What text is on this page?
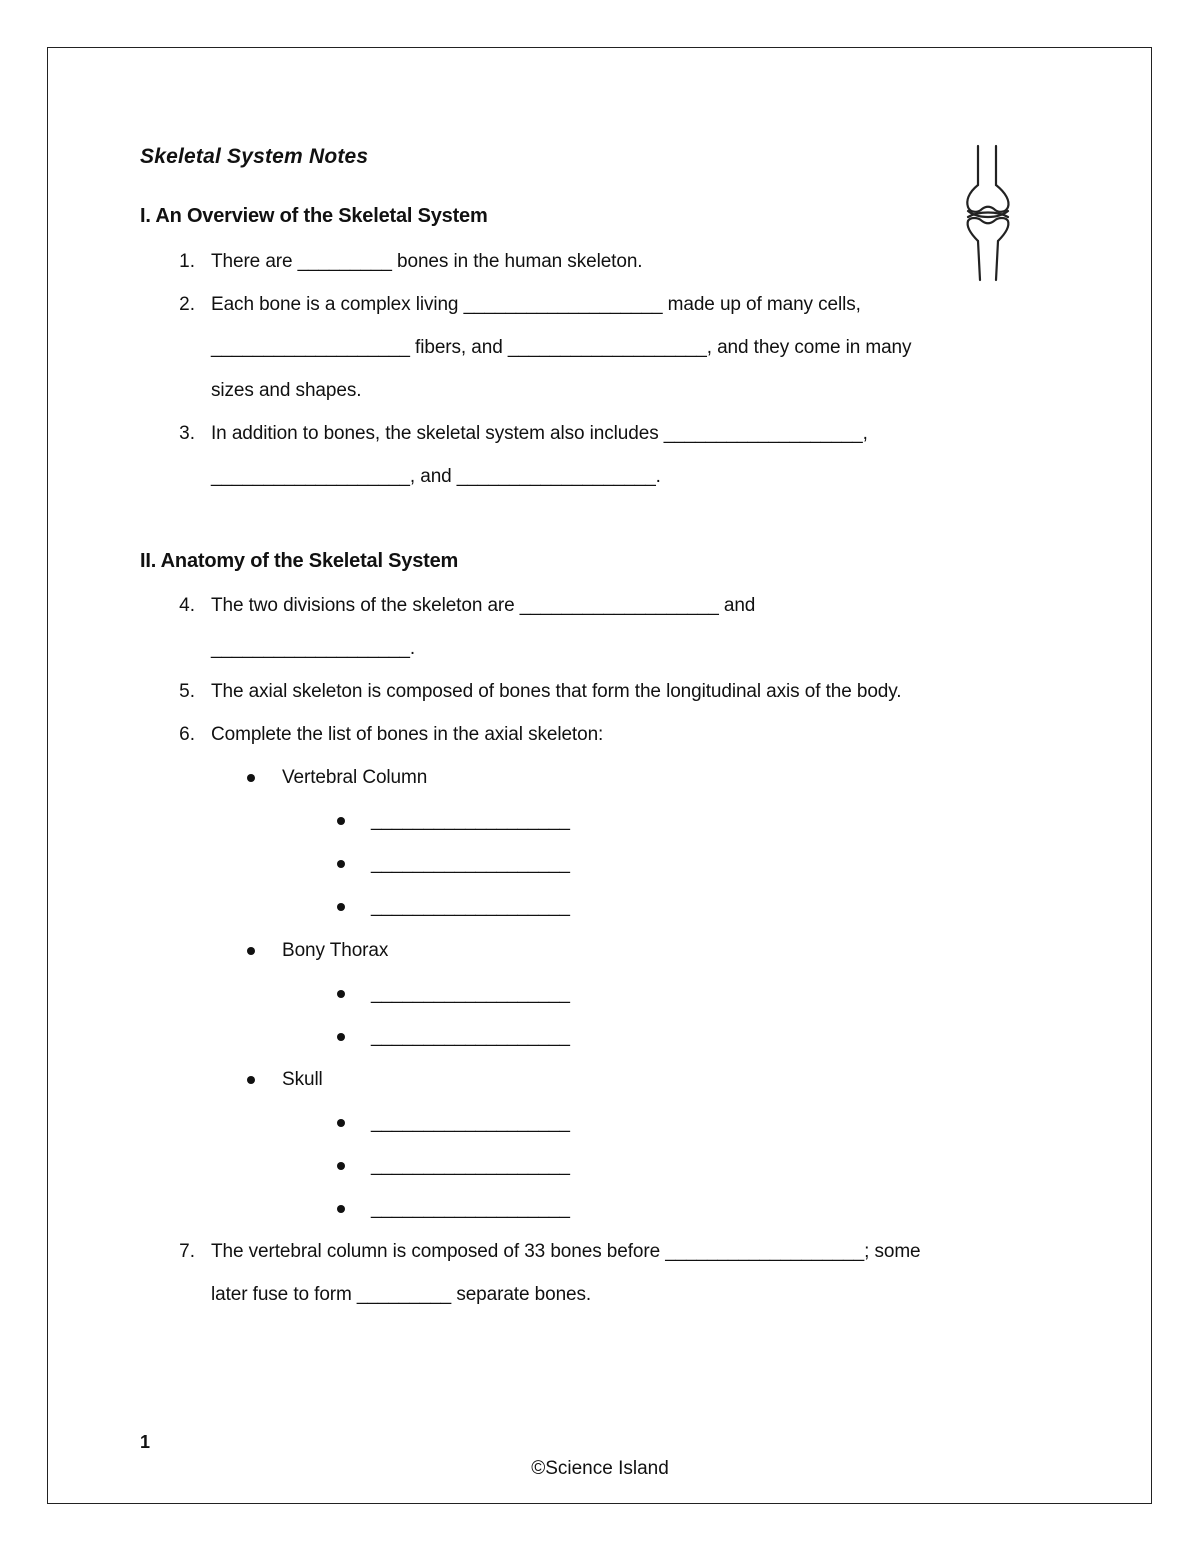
Skeletal System Notes
I. An Overview of the Skeletal System
1. There are _________ bones in the human skeleton.
2. Each bone is a complex living ___________________ made up of many cells,
___________________ fibers, and ___________________, and they come in many
sizes and shapes.
3. In addition to bones, the skeletal system also includes ___________________,
___________________, and ___________________.
II. Anatomy of the Skeletal System
4. The two divisions of the skeleton are ___________________ and
___________________.
5. The axial skeleton is composed of bones that form the longitudinal axis of the body.
6. Complete the list of bones in the axial skeleton:
Vertebral Column
___________________
___________________
___________________
Bony Thorax
___________________
___________________
Skull
___________________
___________________
___________________
7. The vertebral column is composed of 33 bones before ___________________; some
later fuse to form _________ separate bones.
1
©Science Island
